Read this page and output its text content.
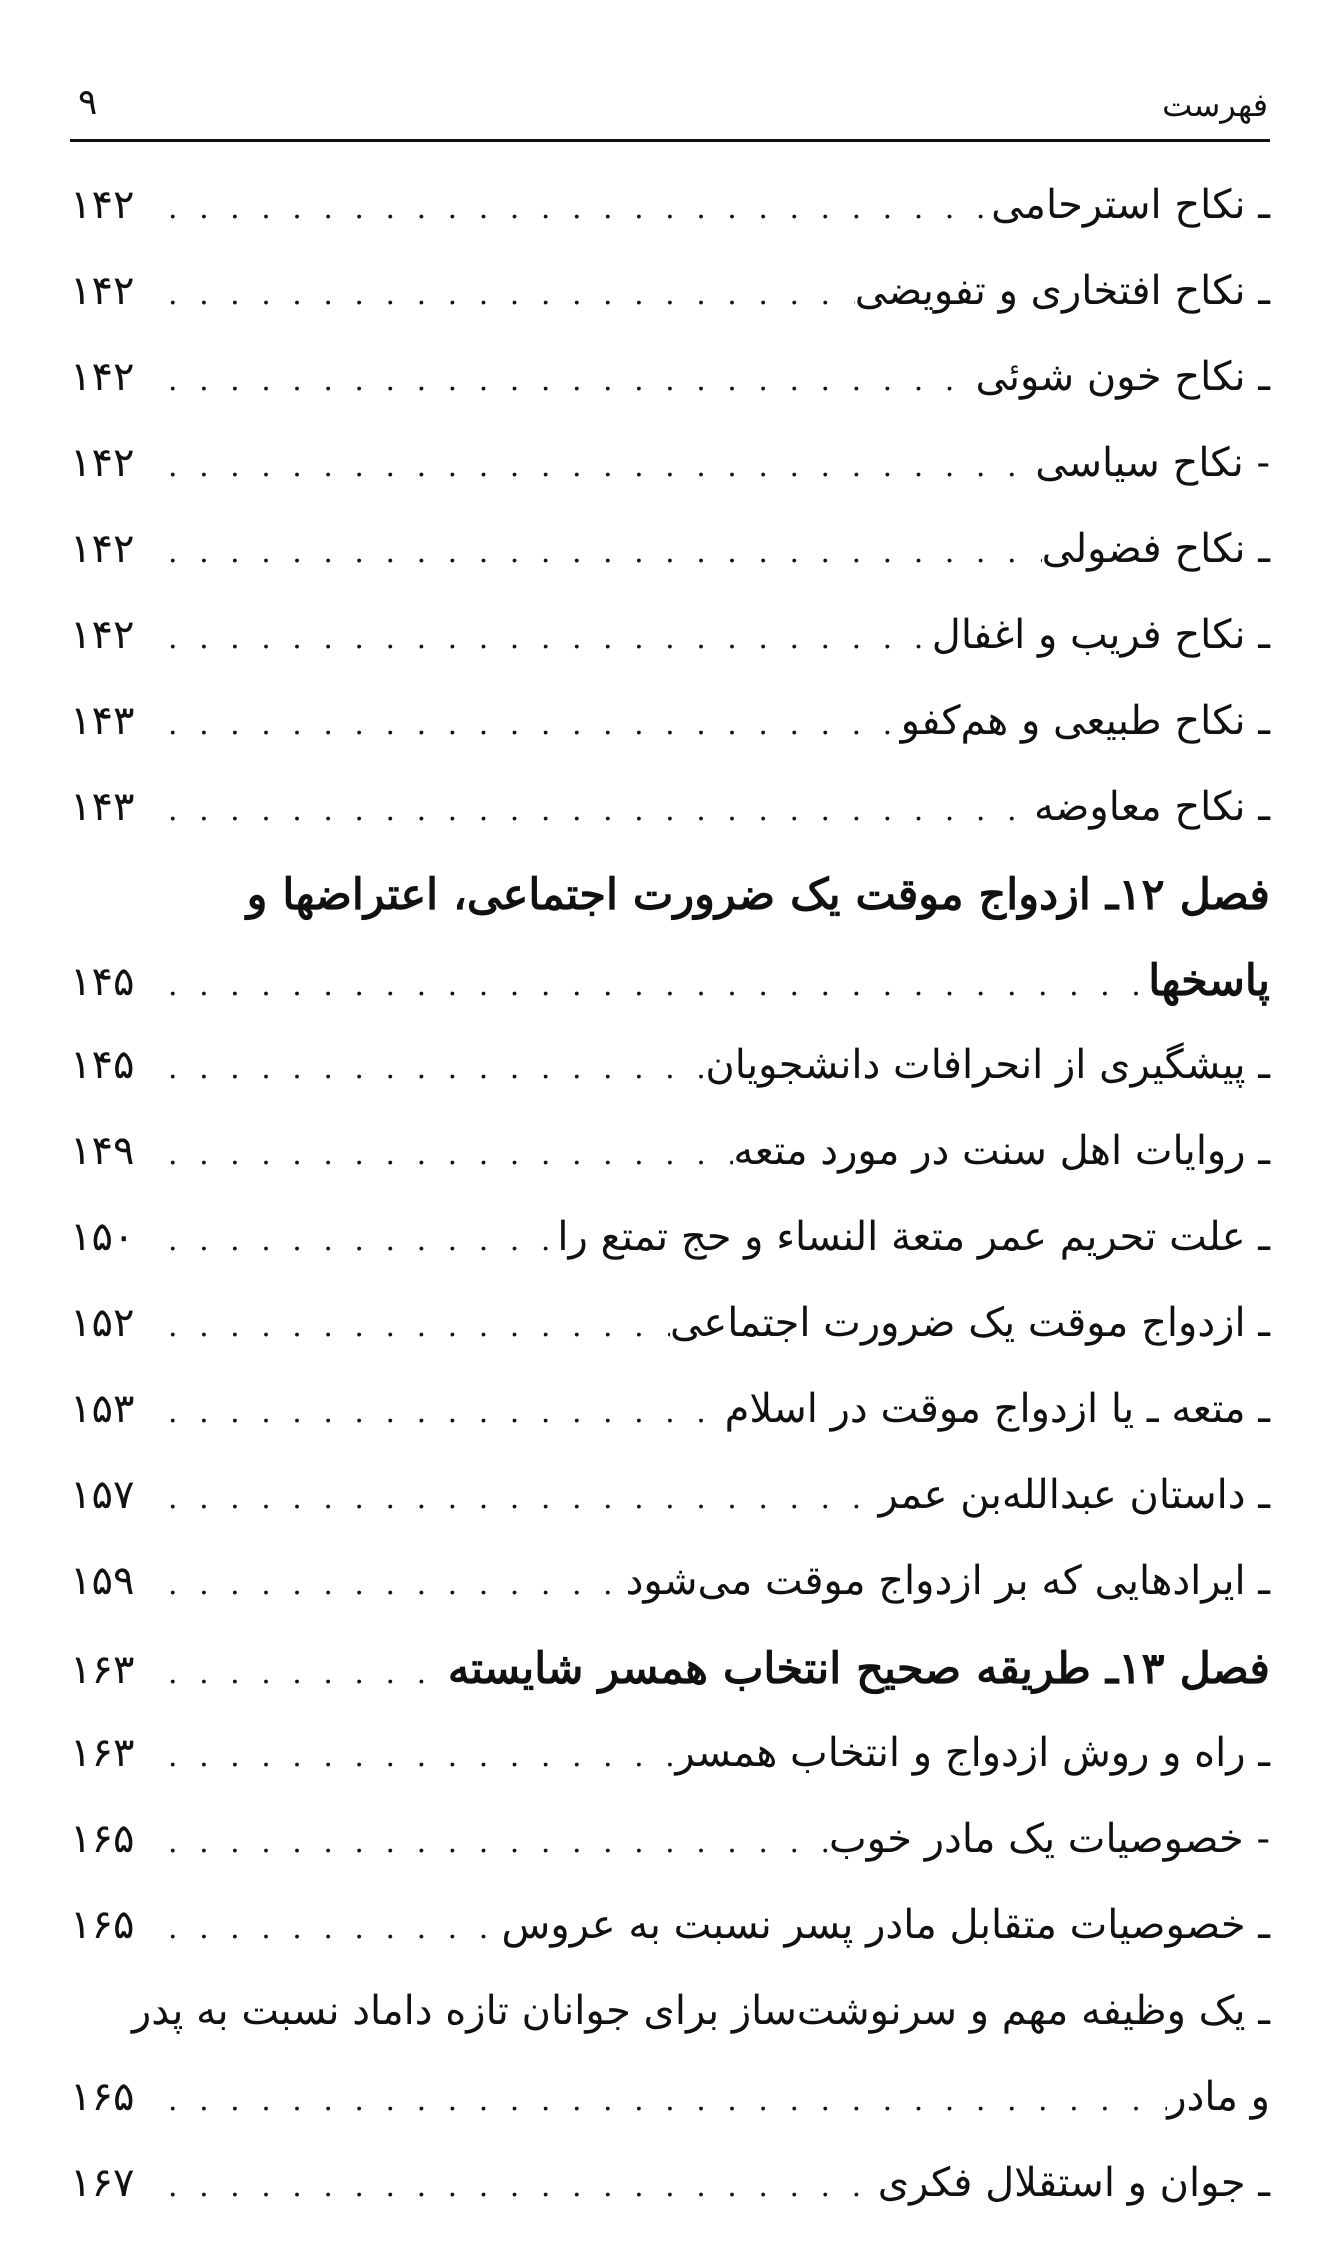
فهرست
۹
ـ نکاح استرحامی
. . .
۱۴۲
ـ نکاح افتخاری و تفویضی
. . .
۱۴۲
ـ نکاح خون شوئی
. . .
۱۴۲
- نکاح سیاسی
. . .
۱۴۲
ـ نکاح فضولی
. . .
۱۴۲
ـ نکاح فریب و اغفال
. . .
۱۴۲
ـ نکاح طبیعی و هم‌کفو
. . .
۱۴۳
ـ نکاح معاوضه
. . .
۱۴۳
فصل ۱۲ـ ازدواج موقت یک ضرورت اجتماعی، اعتراضها و
پاسخها
. . .
۱۴۵
ـ پیشگیری از انحرافات دانشجویان
. . .
۱۴۵
ـ روایات اهل سنت در مورد متعه
. . .
۱۴۹
ـ علت تحریم عمر متعة النساء و حج تمتع را
. . .
۱۵۰
ـ ازدواج موقت یک ضرورت اجتماعی
. . .
۱۵۲
ـ متعه ـ یا ازدواج موقت در اسلام
. . .
۱۵۳
ـ داستان عبدالله‌بن عمر
. . .
۱۵۷
ـ ایرادهایی که بر ازدواج موقت می‌شود
. . .
۱۵۹
فصل ۱۳ـ طریقه صحیح انتخاب همسر شایسته
. . .
۱۶۳
ـ راه و روش ازدواج و انتخاب همسر
. . .
۱۶۳
- خصوصیات یک مادر خوب
. . .
۱۶۵
ـ خصوصیات متقابل مادر پسر نسبت به عروس
. . .
۱۶۵
ـ یک وظیفه مهم و سرنوشت‌ساز برای جوانان تازه داماد نسبت به پدر
و مادر
. . .
۱۶۵
ـ جوان و استقلال فکری
. . .
۱۶۷
